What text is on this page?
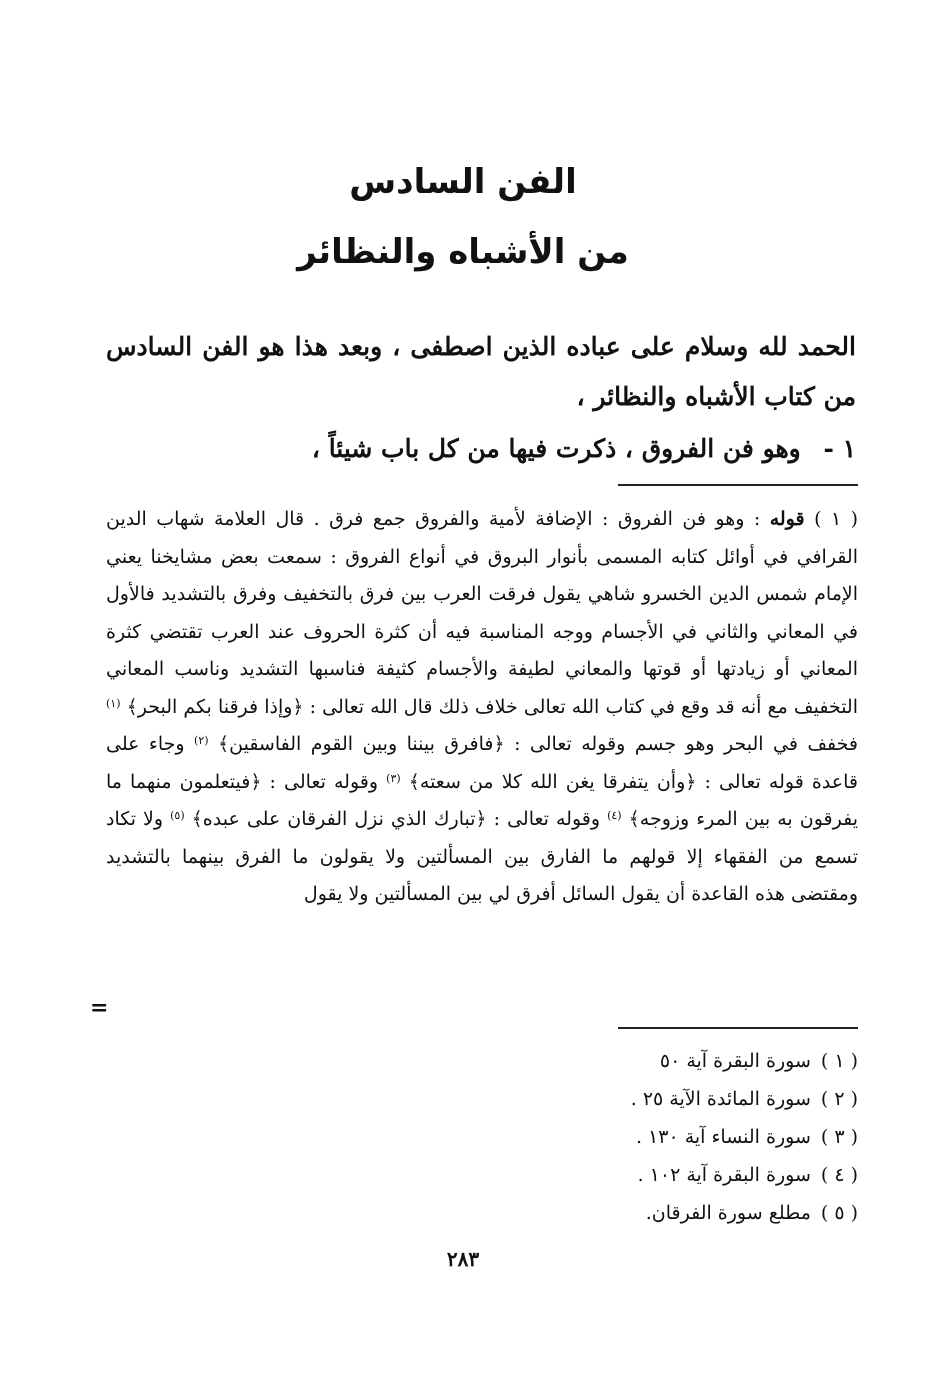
الفن السادس
من الأشباه والنظائر

الحمد لله وسلام على عباده الذين اصطفى ، وبعد هذا هو الفن السادس من كتاب الأشباه والنظائر ،

١ - وهو فن الفروق ، ذكرت فيها من كل باب شيئاً ،

( ١ ) قوله : وهو فن الفروق : الإضافة لأمية والفروق جمع فرق . قال العلامة شهاب الدين القرافي في أوائل كتابه المسمى بأنوار البروق في أنواع الفروق : سمعت بعض مشايخنا يعني الإمام شمس الدين الخسرو شاهي يقول فرقت العرب بين فرق بالتخفيف وفرق بالتشديد فالأول في المعاني والثاني في الأجسام ووجه المناسبة فيه أن كثرة الحروف عند العرب تقتضي كثرة المعاني أو زيادتها أو قوتها والمعاني لطيفة والأجسام كثيفة فناسبها التشديد وناسب المعاني التخفيف مع أنه قد وقع في كتاب الله تعالى خلاف ذلك قال الله تعالى : ﴿وإذا فرقنا بكم البحر﴾ $^{(١)}$ فخفف في البحر وهو جسم وقوله تعالى : ﴿فافرق بيننا وبين القوم الفاسقين﴾ $^{(٢)}$ وجاء على قاعدة قوله تعالى : ﴿وأن يتفرقا يغن الله كلا من سعته﴾ $^{(٣)}$ وقوله تعالى : ﴿فيتعلمون منهما ما يفرقون به بين المرء وزوجه﴾ $^{(٤)}$ وقوله تعالى : ﴿تبارك الذي نزل الفرقان على عبده﴾ $^{(٥)}$ ولا تكاد تسمع من الفقهاء إلا قولهم ما الفارق بين المسألتين ولا يقولون ما الفرق بينهما بالتشديد ومقتضى هذه القاعدة أن يقول السائل أفرق لي بين المسألتين ولا يقول
=
( ١ )سورة البقرة آية ٥٠
( ٢ )سورة المائدة الآية ٢٥ .
( ٣ )سورة النساء آية ١٣٠ .
( ٤ )سورة البقرة آية ١٠٢ .
( ٥ )مطلع سورة الفرقان.
٢٨٣
